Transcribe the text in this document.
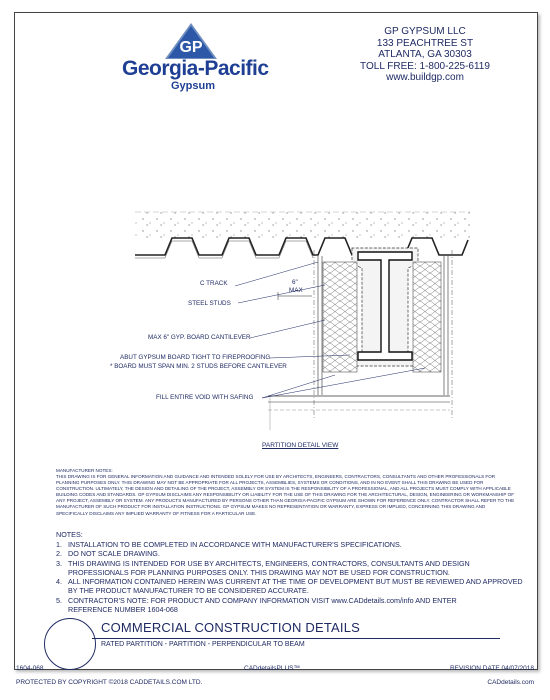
GP
Georgia-Pacific
Gypsum
GP GYPSUM LLC
133 PEACHTREE ST
ATLANTA, GA 30303
TOLL FREE: 1-800-225-6119
www.buildgp.com
C TRACK	6"
MAX
STEEL STUDS
MAX 6" GYP. BOARD CANTILEVER
ABUT GYPSUM BOARD TIGHT TO FIREPROOFING
* BOARD MUST SPAN MIN. 2 STUDS BEFORE CANTILEVER
FILL ENTIRE VOID WITH SAFING
PARTITION DETAIL VIEW
MANUFACTURER NOTES:
THIS DRAWING IS FOR GENERAL INFORMATION AND GUIDANCE AND INTENDED SOLELY FOR USE BY ARCHITECTS, ENGINEERS, CONTRACTORS, CONSULTANTS AND OTHER PROFESSIONALS FOR PLANNING PURPOSES ONLY. THIS DRAWING MAY NOT BE APPROPRIATE FOR ALL PROJECTS, ASSEMBLIES, SYSTEMS OR CONDITIONS, AND IN NO EVENT SHALL THIS DRAWING BE USED FOR CONSTRUCTION. ULTIMATELY, THE DESIGN AND DETAILING OF THE PROJECT, ASSEMBLY OR SYSTEM IS THE RESPONSIBILITY OF A PROFESSIONAL, AND ALL PROJECTS MUST COMPLY WITH APPLICABLE BUILDING CODES AND STANDARDS. GP GYPSUM DISCLAIMS ANY RESPONSIBILITY OR LIABILITY FOR THE USE OF THIS DRAWING FOR THE ARCHITECTURAL, DESIGN, ENGINEERING OR WORKMANSHIP OF ANY PROJECT, ASSEMBLY OR SYSTEM. ANY PRODUCTS MANUFACTURED BY PERSONS OTHER THAN GEORGIA-PACIFIC GYPSUM ARE SHOWN FOR REFERENCE ONLY. CONTRACTOR SHALL REFER TO THE MANUFACTURER OF SUCH PRODUCT FOR INSTALLATION INSTRUCTIONS. GP GYPSUM MAKES NO REPRESENTATION OR WARRANTY, EXPRESS OR IMPLIED, CONCERNING THIS DRAWING AND SPECIFICALLY DISCLAIMS ANY IMPLIED WARRANTY OF FITNESS FOR A PARTICULAR USE.
NOTES:
1. INSTALLATION TO BE COMPLETED IN ACCORDANCE WITH MANUFACTURER'S SPECIFICATIONS.
2. DO NOT SCALE DRAWING.
3. THIS DRAWING IS INTENDED FOR USE BY ARCHITECTS, ENGINEERS, CONTRACTORS, CONSULTANTS AND DESIGN PROFESSIONALS FOR PLANNING PURPOSES ONLY. THIS DRAWING MAY NOT BE USED FOR CONSTRUCTION.
4. ALL INFORMATION CONTAINED HEREIN WAS CURRENT AT THE TIME OF DEVELOPMENT BUT MUST BE REVIEWED AND APPROVED BY THE PRODUCT MANUFACTURER TO BE CONSIDERED ACCURATE.
5. CONTRACTOR'S NOTE: FOR PRODUCT AND COMPANY INFORMATION VISIT www.CADdetails.com/info AND ENTER
REFERENCE NUMBER 1604-068
COMMERCIAL CONSTRUCTION DETAILS
RATED PARTITION - PARTITION - PERPENDICULAR TO BEAM
1604-068	CADdetailsPLUS™	REVISION DATE 04/07/2018
PROTECTED BY COPYRIGHT ©2018 CADDETAILS.COM LTD.	CADdetails.com
